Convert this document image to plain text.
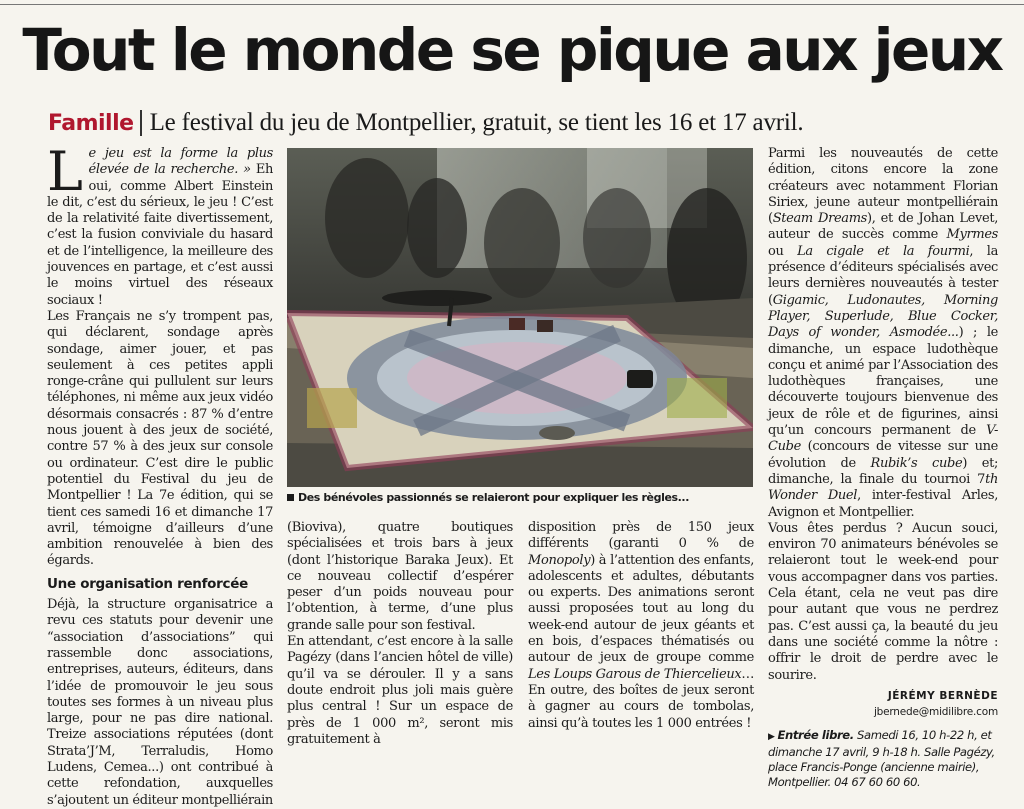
Tout le monde se pique aux jeux
Famille Le festival du jeu de Montpellier, gratuit, se tient les 16 et 17 avril.

Le jeu est la forme la plus élevée de la recherche. » Eh oui, comme Albert Einstein le dit, c’est du sérieux, le jeu ! C’est de la relativité faite divertissement, c’est la fusion conviviale du hasard et de l’intelligence, la meilleure des jouvences en partage, et c’est aussi le moins virtuel des réseaux sociaux !

Les Français ne s’y trompent pas, qui déclarent, sondage après sondage, aimer jouer, et pas seulement à ces petites appli ronge-crâne qui pullulent sur leurs téléphones, ni même aux jeux vidéo désormais consacrés : 87 % d’entre nous jouent à des jeux de société, contre 57 % à des jeux sur console ou ordinateur. C’est dire le public potentiel du Festival du jeu de Montpellier ! La 7e édition, qui se tient ces samedi 16 et dimanche 17 avril, témoigne d’ailleurs d’une ambition renouvelée à bien des égards.

Une organisation renforcée

Déjà, la structure organisatrice a revu ces statuts pour devenir une “association d’associations” qui rassemble donc associations, entreprises, auteurs, éditeurs, dans l’idée de promouvoir le jeu sous toutes ses formes à un niveau plus large, pour ne pas dire national. Treize associations réputées (dont Strata’J’M, Terraludis, Homo Ludens, Cemea...) ont contribué à cette refondation, auxquelles s’ajoutent un éditeur montpelliérain

Des bénévoles passionnés se relaieront pour expliquer les règles...

(Bioviva), quatre boutiques spécialisées et trois bars à jeux (dont l’historique Baraka Jeux). Et ce nouveau collectif d’espérer peser d’un poids nouveau pour l’obtention, à terme, d’une plus grande salle pour son festival.

En attendant, c’est encore à la salle Pagézy (dans l’ancien hôtel de ville) qu’il va se dérouler. Il y a sans doute endroit plus joli mais guère plus central ! Sur un espace de près de 1 000 m², seront mis gratuitement à

disposition près de 150 jeux différents (garanti 0 % de Monopoly) à l’attention des enfants, adolescents et adultes, débutants ou experts. Des animations seront aussi proposées tout au long du week-end autour de jeux géants et en bois, d’espaces thématisés ou autour de jeux de groupe comme Les Loups Garous de Thiercelieux… En outre, des boîtes de jeux seront à gagner au cours de tombolas, ainsi qu’à toutes les 1 000 entrées !

Parmi les nouveautés de cette édition, citons encore la zone créateurs avec notamment Florian Siriex, jeune auteur montpelliérain (Steam Dreams), et de Johan Levet, auteur de succès comme Myrmes ou La cigale et la fourmi, la présence d’éditeurs spécialisés avec leurs dernières nouveautés à tester (Gigamic, Ludonautes, Morning Player, Superlude, Blue Cocker, Days of wonder, Asmodée...) ; le dimanche, un espace ludothèque conçu et animé par l’Association des ludothèques françaises, une découverte toujours bienvenue des jeux de rôle et de figurines, ainsi qu’un concours permanent de V-Cube (concours de vitesse sur une évolution de Rubik’s cube) et; dimanche, la finale du tournoi 7th Wonder Duel, inter-festival Arles, Avignon et Montpellier.

Vous êtes perdus ? Aucun souci, environ 70 animateurs bénévoles se relaieront tout le week-end pour vous accompagner dans vos parties. Cela étant, cela ne veut pas dire pour autant que vous ne perdrez pas. C’est aussi ça, la beauté du jeu dans une société comme la nôtre : offrir le droit de perdre avec le sourire.

JÉRÉMY BERNÈDE

jbernede@midilibre.com

▶ Entrée libre. Samedi 16, 10 h-22 h, et dimanche 17 avril, 9 h-18 h. Salle Pagézy, place Francis-Ponge (ancienne mairie), Montpellier. 04 67 60 60 60.
